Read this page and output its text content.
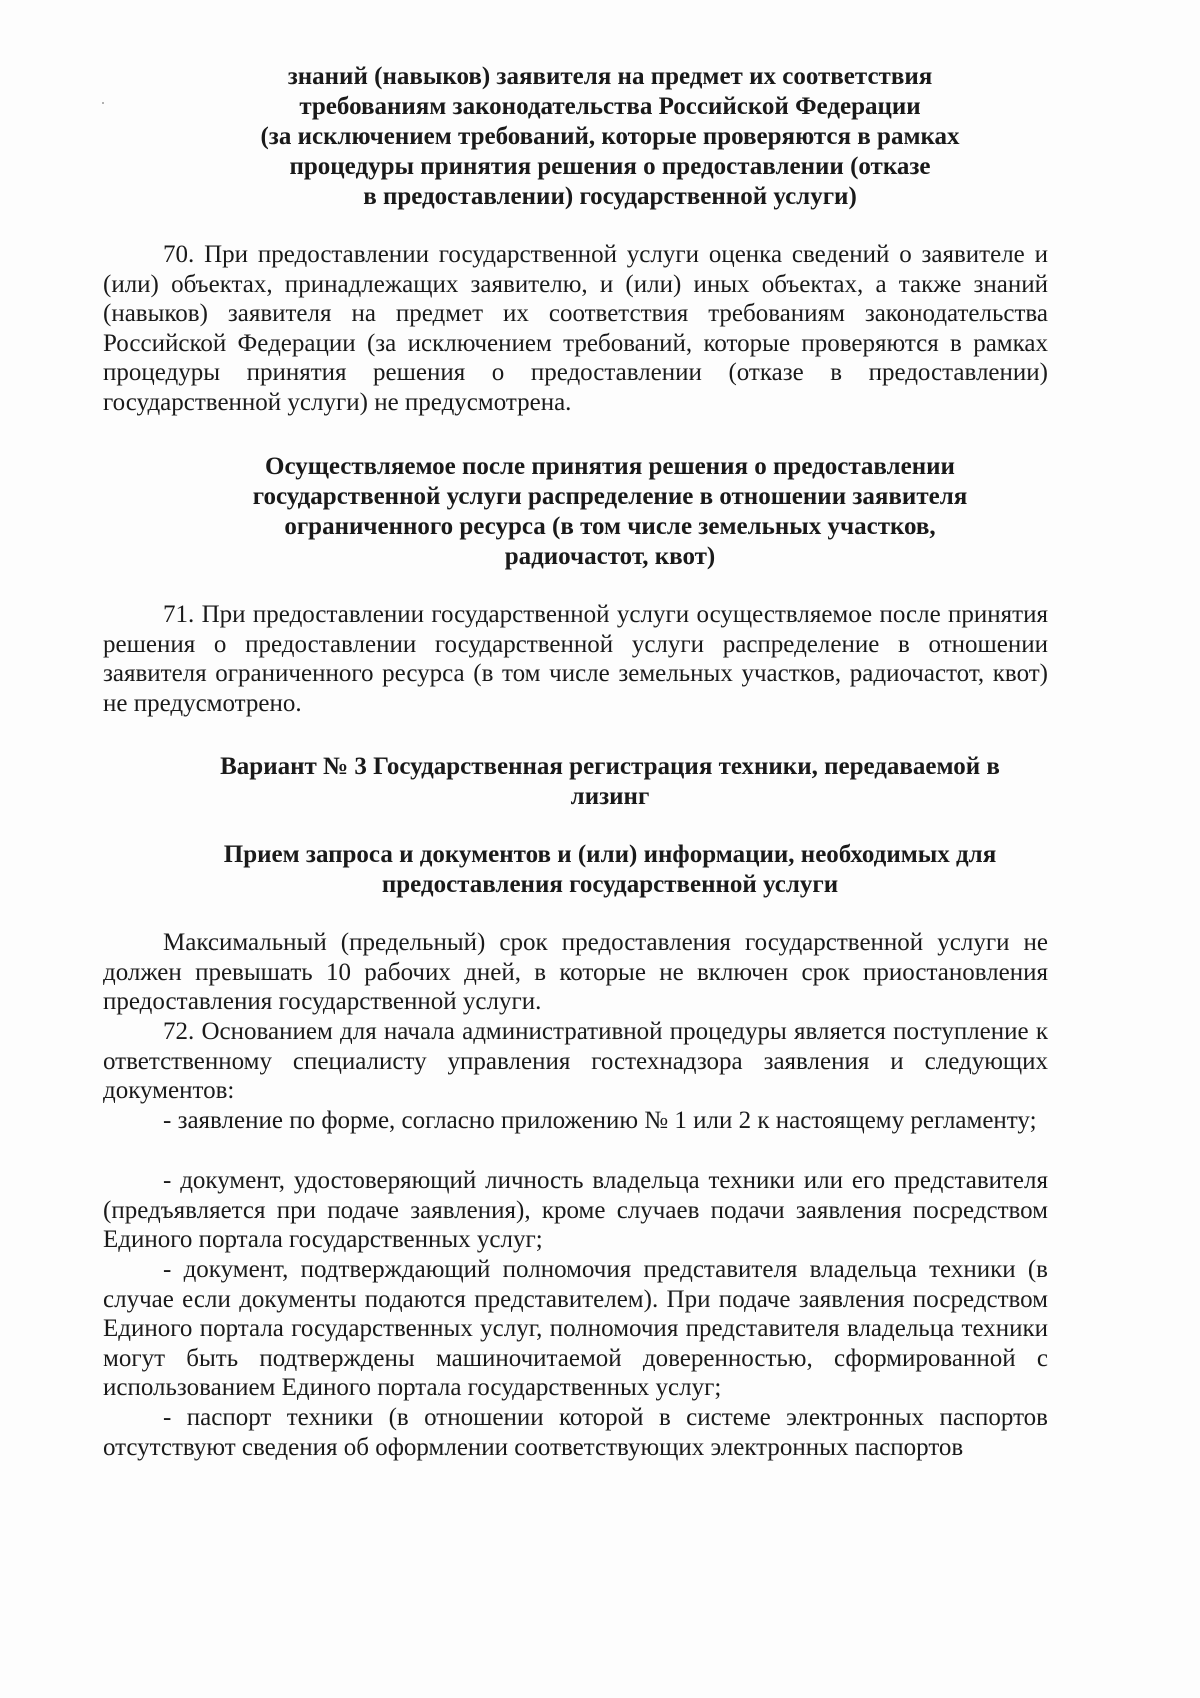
знаний (навыков) заявителя на предмет их соответствия
требованиям законодательства Российской Федерации
(за исключением требований, которые проверяются в рамках
процедуры принятия решения о предоставлении (отказе
в предоставлении) государственной услуги)
70. При предоставлении государственной услуги оценка сведений о заявителе и (или) объектах, принадлежащих заявителю, и (или) иных объектах, а также знаний (навыков) заявителя на предмет их соответствия требованиям законодательства Российской Федерации (за исключением требований, которые проверяются в рамках процедуры принятия решения о предоставлении (отказе в предоставлении) государственной услуги) не предусмотрена.
Осуществляемое после принятия решения о предоставлении
государственной услуги распределение в отношении заявителя
ограниченного ресурса (в том числе земельных участков,
радиочастот, квот)
71. При предоставлении государственной услуги осуществляемое после принятия решения о предоставлении государственной услуги распределение в отношении заявителя ограниченного ресурса (в том числе земельных участков, радиочастот, квот) не предусмотрено.
Вариант № 3 Государственная регистрация техники, передаваемой в
лизинг
Прием запроса и документов и (или) информации, необходимых для
предоставления государственной услуги
Максимальный (предельный) срок предоставления государственной услуги не должен превышать 10 рабочих дней, в которые не включен срок приостановления предоставления государственной услуги.
72. Основанием для начала административной процедуры является поступление к ответственному специалисту управления гостехнадзора заявления и следующих документов:
- заявление по форме, согласно приложению № 1 или 2 к настоящему регламенту;
- документ, удостоверяющий личность владельца техники или его представителя (предъявляется при подаче заявления), кроме случаев подачи заявления посредством Единого портала государственных услуг;
- документ, подтверждающий полномочия представителя владельца техники (в случае если документы подаются представителем). При подаче заявления посредством Единого портала государственных услуг, полномочия представителя владельца техники могут быть подтверждены машиночитаемой доверенностью, сформированной с использованием Единого портала государственных услуг;
- паспорт техники (в отношении которой в системе электронных паспортов отсутствуют сведения об оформлении соответствующих электронных паспортов
